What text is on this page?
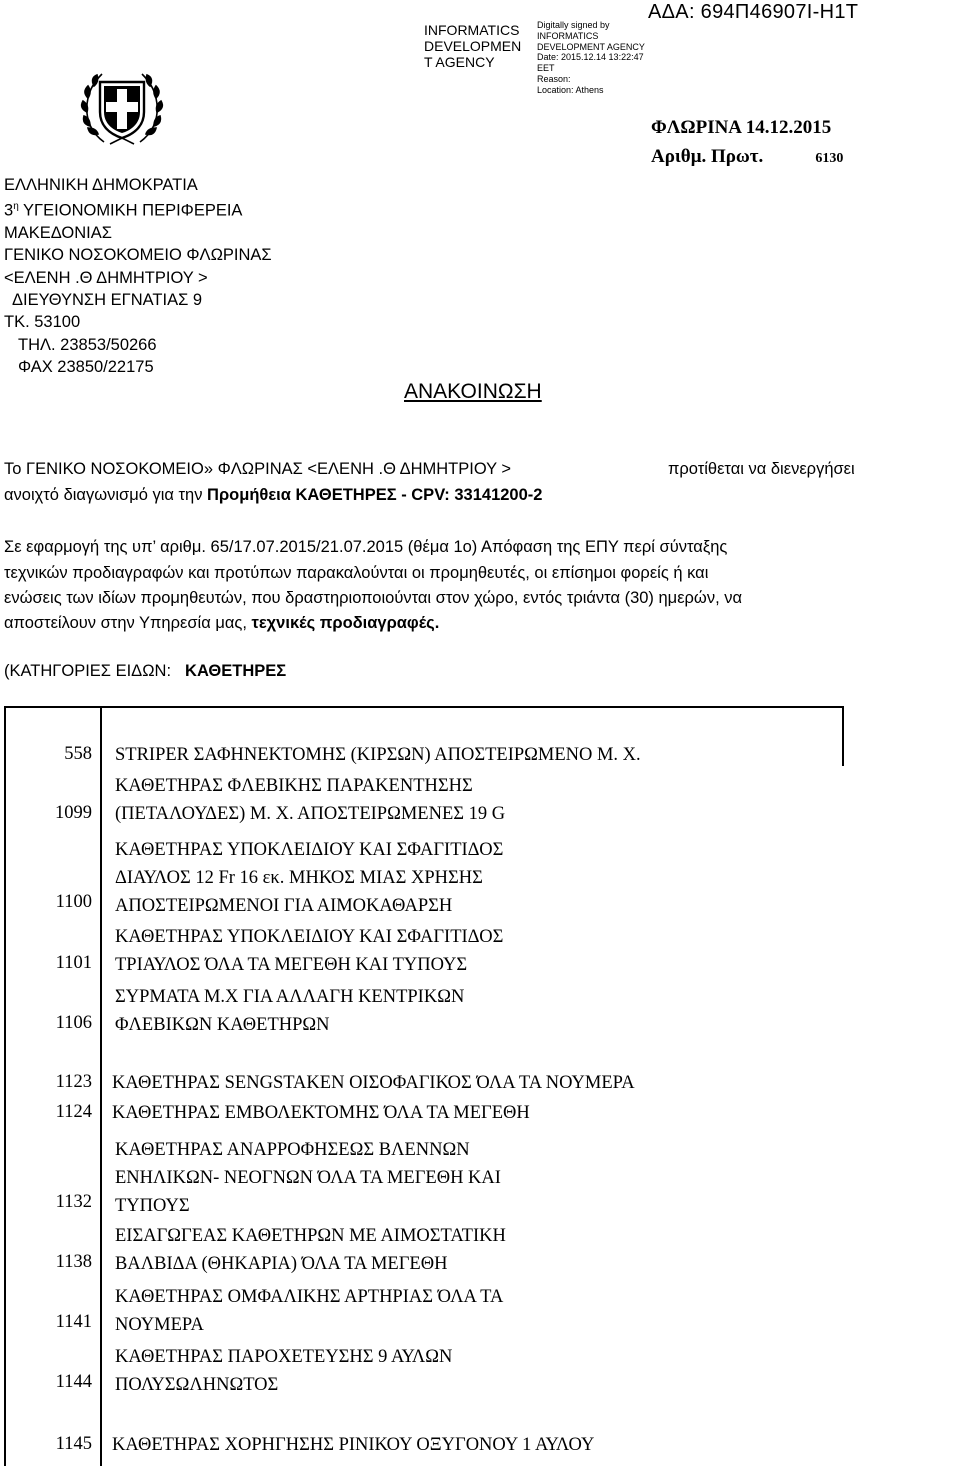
INFORMATICS
DEVELOPMEN
T AGENCY
Digitally signed by
INFORMATICS
DEVELOPMENT AGENCY
Date: 2015.12.14 13:22:47
EET
Reason:
Location: Athens
ΑΔΑ: 694Π46907Ι-Η1Τ
ΦΛΩΡΙΝΑ 14.12.2015
Αριθμ. Πρωτ.	6130
ΕΛΛΗΝΙΚΗ ΔΗΜΟΚΡΑΤΙΑ
$3^\eta$ ΥΓΕΙΟΝΟΜΙΚΗ ΠΕΡΙΦΕΡΕΙΑ
ΜΑΚΕΔΟΝΙΑΣ
ΓΕΝΙΚΟ ΝΟΣΟΚΟΜΕΙΟ ΦΛΩΡΙΝΑΣ
<ΕΛΕΝΗ .Θ ΔΗΜΗΤΡΙΟΥ >
ΔΙΕΥΘΥΝΣΗ ΕΓΝΑΤΙΑΣ 9
ΤΚ. 53100
ΤΗΛ. 23853/50266
ΦΑΧ 23850/22175
ΑΝΑΚΟΙΝΩΣΗ
Το ΓΕΝΙΚΟ ΝΟΣΟΚΟΜΕΙΟ» ΦΛΩΡΙΝΑΣ <ΕΛΕΝΗ .Θ ΔΗΜΗΤΡΙΟΥ >	προτίθεται να διενεργήσει
ανοιχτό διαγωνισμό για την Προμήθεια ΚΑΘΕΤΗΡΕΣ - CPV: 33141200-2
Σε εφαρμογή της υπ’ αριθμ. 65/17.07.2015/21.07.2015 (θέμα 1ο) Απόφαση της ΕΠΥ περί σύνταξης
τεχνικών προδιαγραφών και προτύπων παρακαλούνται οι προμηθευτές, οι επίσημοι φορείς ή και
ενώσεις των ιδίων προμηθευτών, που δραστηριοποιούνται στον χώρο, εντός τριάντα (30) ημερών, να
αποστείλουν στην Υπηρεσία μας, τεχνικές προδιαγραφές.
(ΚΑΤΗΓΟΡΙΕΣ ΕΙΔΩΝ: ΚΑΘΕΤΗΡΕΣ
558 STRIPER ΣΑΦΗΝΕΚΤΟΜΗΣ (ΚΙΡΣΩΝ) ΑΠΟΣΤΕΙΡΩΜΕΝΟ Μ. Χ.
1099
ΚΑΘΕΤΗΡΑΣ ΦΛΕΒΙΚΗΣ ΠΑΡΑΚΕΝΤΗΣΗΣ
(ΠΕΤΑΛΟΥΔΕΣ) Μ. Χ. ΑΠΟΣΤΕΙΡΩΜΕΝΕΣ 19 G
1100
ΚΑΘΕΤΗΡΑΣ ΥΠΟΚΛΕΙΔΙΟΥ ΚΑΙ ΣΦΑΓΙΤΙΔΟΣ
ΔΙΑΥΛΟΣ 12 Fr 16 εκ. ΜΗΚΟΣ ΜΙΑΣ ΧΡΗΣΗΣ
ΑΠΟΣΤΕΙΡΩΜΕΝΟΙ ΓΙΑ ΑΙΜΟΚΑΘΑΡΣΗ
1101
ΚΑΘΕΤΗΡΑΣ ΥΠΟΚΛΕΙΔΙΟΥ ΚΑΙ ΣΦΑΓΙΤΙΔΟΣ
ΤΡΙΑΥΛΟΣ ΌΛΑ ΤΑ ΜΕΓΕΘΗ ΚΑΙ ΤΥΠΟΥΣ
1106
ΣΥΡΜΑΤΑ Μ.Χ ΓΙΑ ΑΛΛΑΓΗ ΚΕΝΤΡΙΚΩΝ
ΦΛΕΒΙΚΩΝ ΚΑΘΕΤΗΡΩΝ
1123 ΚΑΘΕΤΗΡΑΣ SENGSTAKEN ΟΙΣΟΦΑΓΙΚΟΣ ΌΛΑ ΤΑ ΝΟΥΜΕΡΑ
1124 ΚΑΘΕΤΗΡΑΣ ΕΜΒΟΛΕΚΤΟΜΗΣ ΌΛΑ ΤΑ ΜΕΓΕΘΗ
1132
ΚΑΘΕΤΗΡΑΣ ΑΝΑΡΡΟΦΗΣΕΩΣ ΒΛΕΝΝΩΝ
ΕΝΗΛΙΚΩΝ- ΝΕΟΓΝΩΝ ΌΛΑ ΤΑ ΜΕΓΕΘΗ ΚΑΙ
ΤΥΠΟΥΣ
1138
ΕΙΣΑΓΩΓΕΑΣ ΚΑΘΕΤΗΡΩΝ ΜΕ ΑΙΜΟΣΤΑΤΙΚΗ
ΒΑΛΒΙΔΑ (ΘΗΚΑΡΙΑ) ΌΛΑ ΤΑ ΜΕΓΕΘΗ
1141
ΚΑΘΕΤΗΡΑΣ ΟΜΦΑΛΙΚΗΣ ΑΡΤΗΡΙΑΣ ΌΛΑ ΤΑ
ΝΟΥΜΕΡΑ
1144
ΚΑΘΕΤΗΡΑΣ ΠΑΡΟΧΕΤΕΥΣΗΣ 9 ΑΥΛΩΝ
ΠΟΛΥΣΩΛΗΝΩΤΟΣ
1145 ΚΑΘΕΤΗΡΑΣ ΧΟΡΗΓΗΣΗΣ ΡΙΝΙΚΟΥ ΟΞΥΓΟΝΟΥ 1 ΑΥΛΟΥ
